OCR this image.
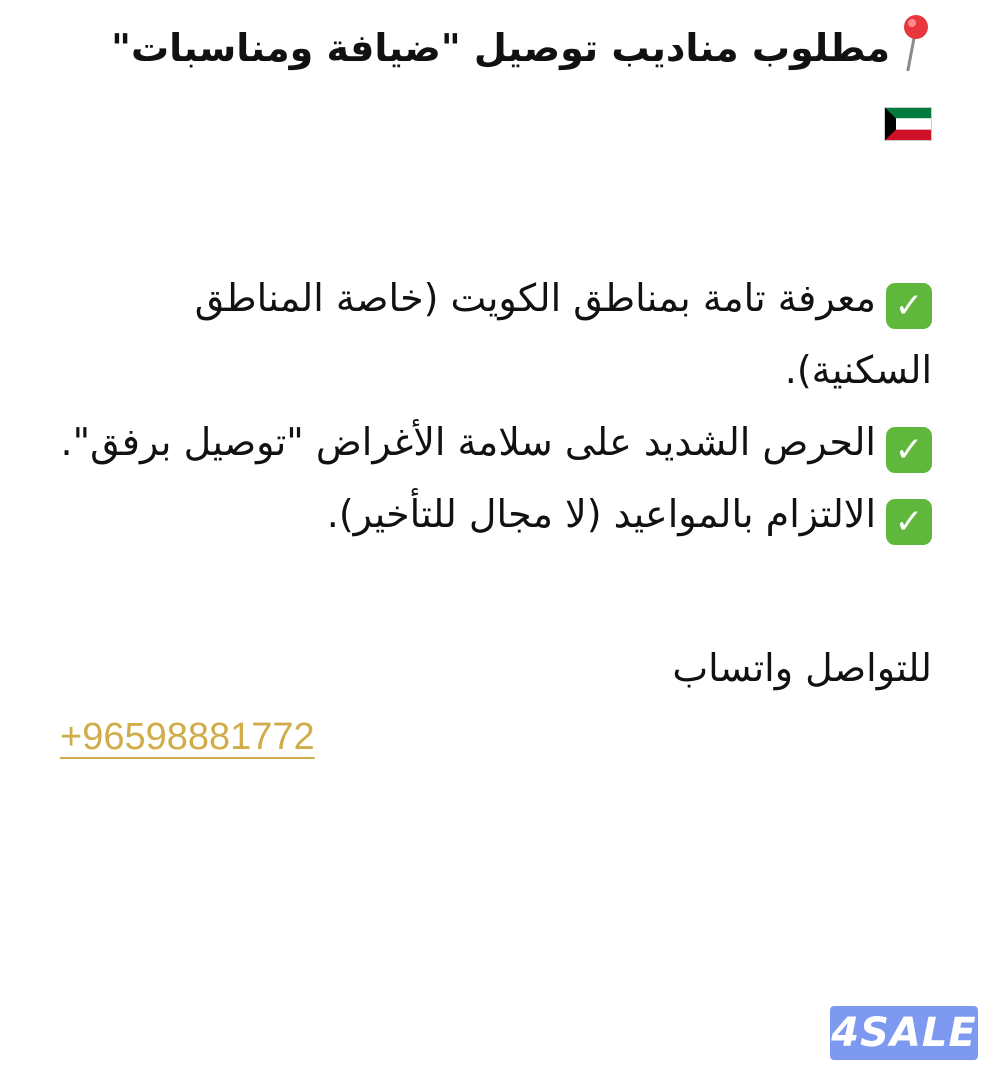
مطلوب مناديب توصيل "ضيافة ومناسبات"

✓معرفة تامة بمناطق الكويت (خاصة المناطق السكنية).

✓الحرص الشديد على سلامة الأغراض "توصيل برفق".

✓الالتزام بالمواعيد (لا مجال للتأخير).

للتواصل واتساب

+96598881772
4SALE
